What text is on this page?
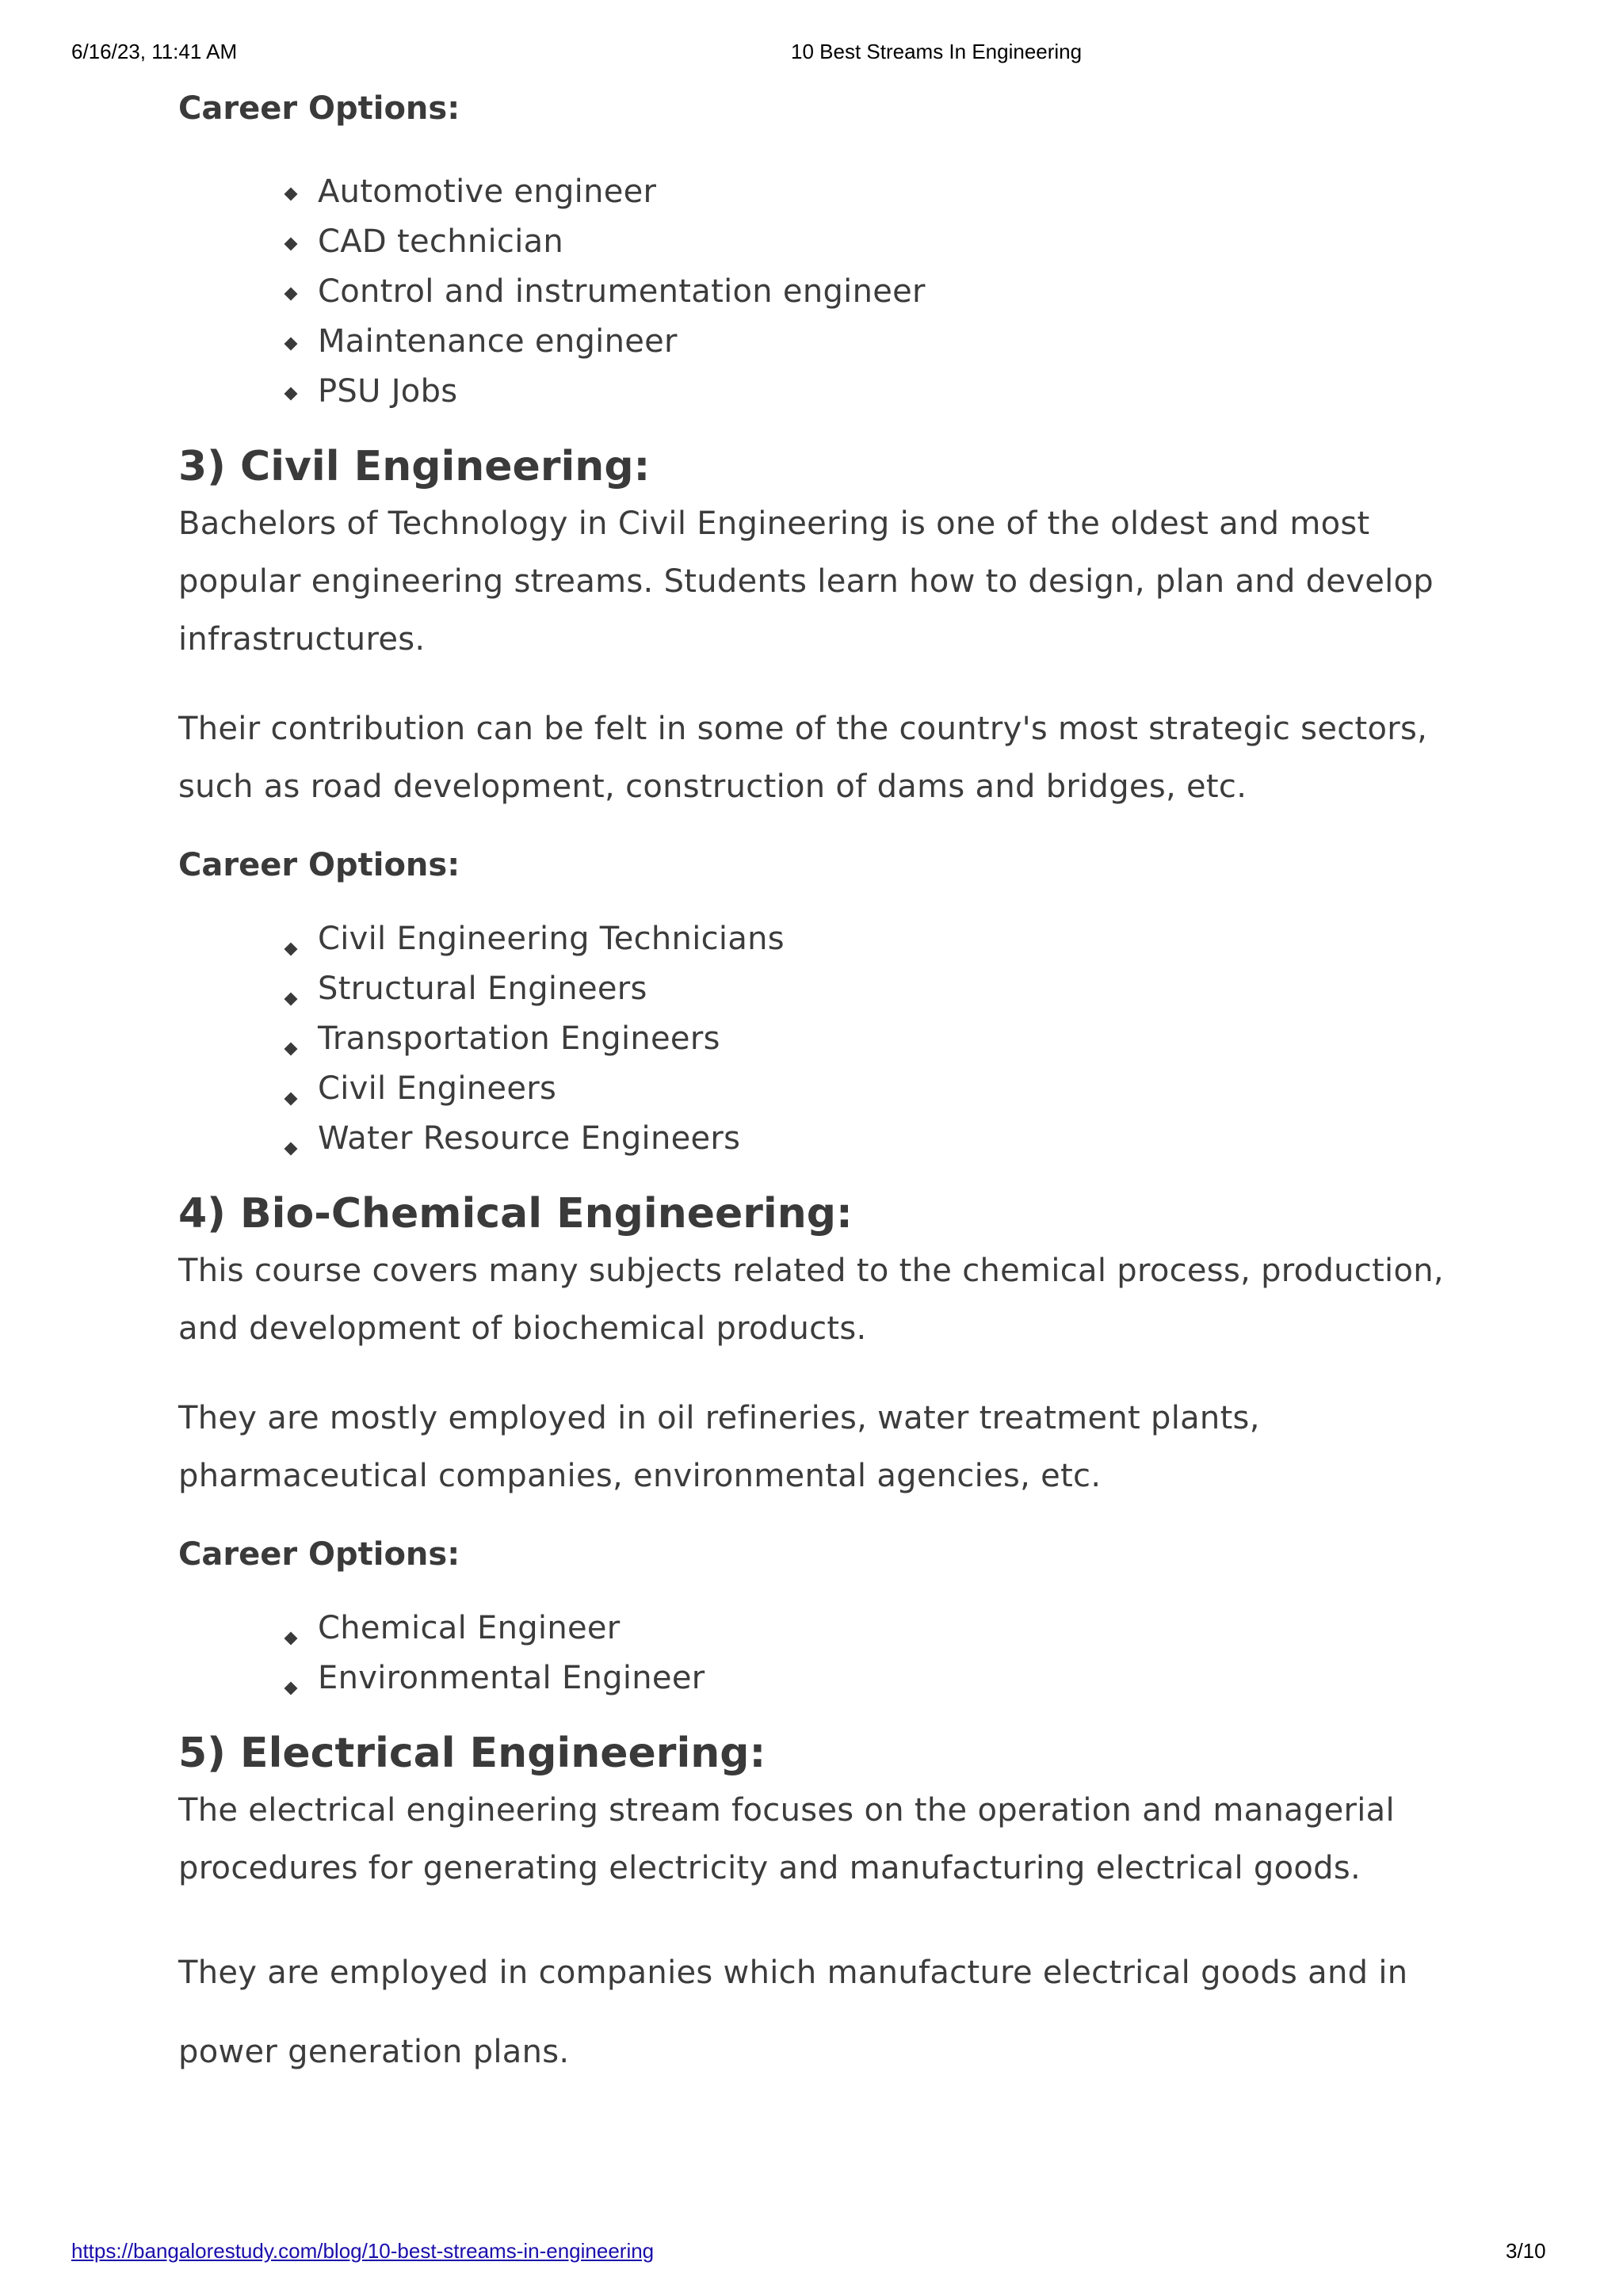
6/16/23, 11:41 AM	10 Best Streams In Engineering
Career Options:
Automotive engineer
CAD technician
Control and instrumentation engineer
Maintenance engineer
PSU Jobs
3) Civil Engineering:

Bachelors of Technology in Civil Engineering is one of the oldest and most popular engineering streams. Students learn how to design, plan and develop infrastructures.

Their contribution can be felt in some of the country's most strategic sectors, such as road development, construction of dams and bridges, etc.

Career Options:
Civil Engineering Technicians
Structural Engineers
Transportation Engineers
Civil Engineers
Water Resource Engineers
4) Bio-Chemical Engineering:

This course covers many subjects related to the chemical process, production, and development of biochemical products.

They are mostly employed in oil refineries, water treatment plants, pharmaceutical companies, environmental agencies, etc.

Career Options:
Chemical Engineer
Environmental Engineer
5) Electrical Engineering:

The electrical engineering stream focuses on the operation and managerial procedures for generating electricity and manufacturing electrical goods.

They are employed in companies which manufacture electrical goods and in power generation plans.

https://bangalorestudy.com/blog/10-best-streams-in-engineering	3/10
